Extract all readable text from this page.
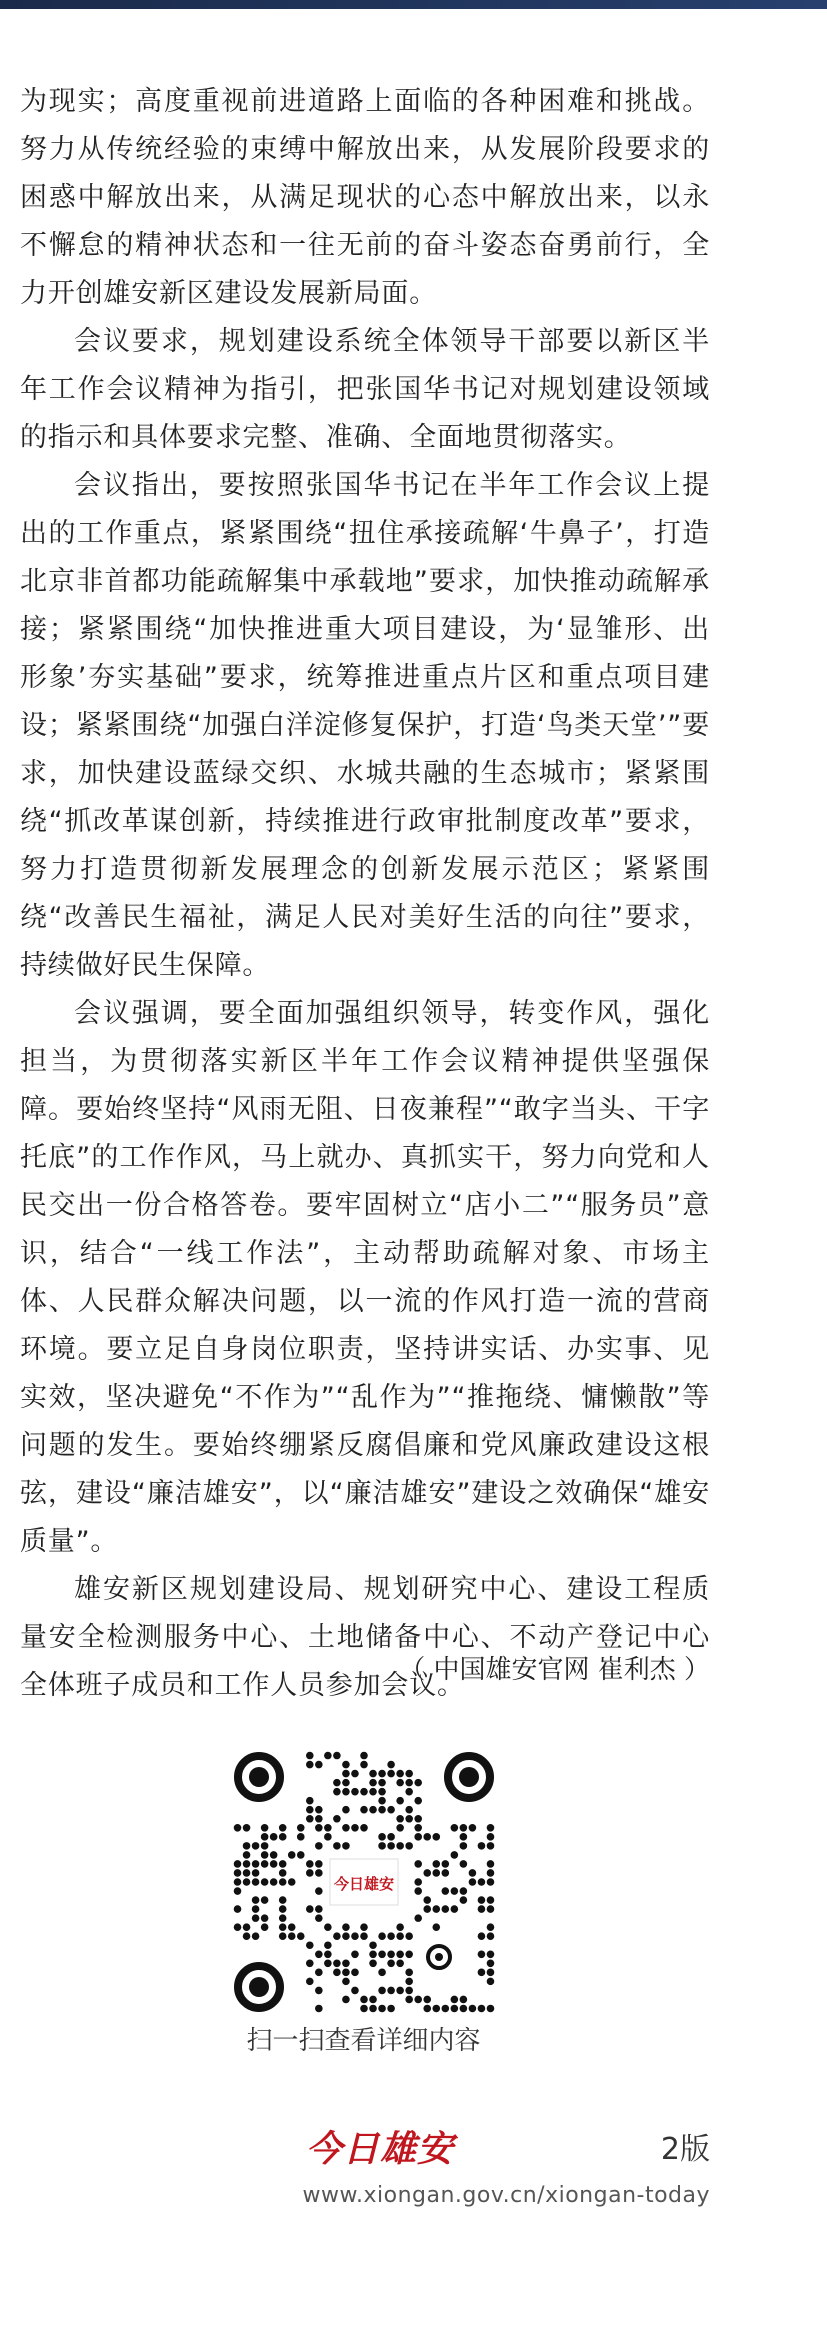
为现实；高度重视前进道路上面临的各种困难和挑战。努力从传统经验的束缚中解放出来，从发展阶段要求的困惑中解放出来，从满足现状的心态中解放出来，以永不懈怠的精神状态和一往无前的奋斗姿态奋勇前行，全力开创雄安新区建设发展新局面。

会议要求，规划建设系统全体领导干部要以新区半年工作会议精神为指引，把张国华书记对规划建设领域的指示和具体要求完整、准确、全面地贯彻落实。

会议指出，要按照张国华书记在半年工作会议上提出的工作重点，紧紧围绕“扭住承接疏解‘牛鼻子’，打造北京非首都功能疏解集中承载地”要求，加快推动疏解承接；紧紧围绕“加快推进重大项目建设，为‘显雏形、出形象’夯实基础”要求，统筹推进重点片区和重点项目建设；紧紧围绕“加强白洋淀修复保护，打造‘鸟类天堂’”要求，加快建设蓝绿交织、水城共融的生态城市；紧紧围绕“抓改革谋创新，持续推进行政审批制度改革”要求，努力打造贯彻新发展理念的创新发展示范区；紧紧围绕“改善民生福祉，满足人民对美好生活的向往”要求，持续做好民生保障。

会议强调，要全面加强组织领导，转变作风，强化担当，为贯彻落实新区半年工作会议精神提供坚强保障。要始终坚持“风雨无阻、日夜兼程”“敢字当头、干字托底”的工作作风，马上就办、真抓实干，努力向党和人民交出一份合格答卷。要牢固树立“店小二”“服务员”意识，结合“一线工作法”，主动帮助疏解对象、市场主体、人民群众解决问题，以一流的作风打造一流的营商环境。要立足自身岗位职责，坚持讲实话、办实事、见实效，坚决避免“不作为”“乱作为”“推拖绕、慵懒散”等问题的发生。要始终绷紧反腐倡廉和党风廉政建设这根弦，建设“廉洁雄安”，以“廉洁雄安”建设之效确保“雄安质量”。

雄安新区规划建设局、规划研究中心、建设工程质量安全检测服务中心、土地储备中心、不动产登记中心全体班子成员和工作人员参加会议。

（ 中国雄安官网 崔利杰 ）
今日雄安
扫一扫查看详细内容
今日雄安	2版
www.xiongan.gov.cn/xiongan-today
